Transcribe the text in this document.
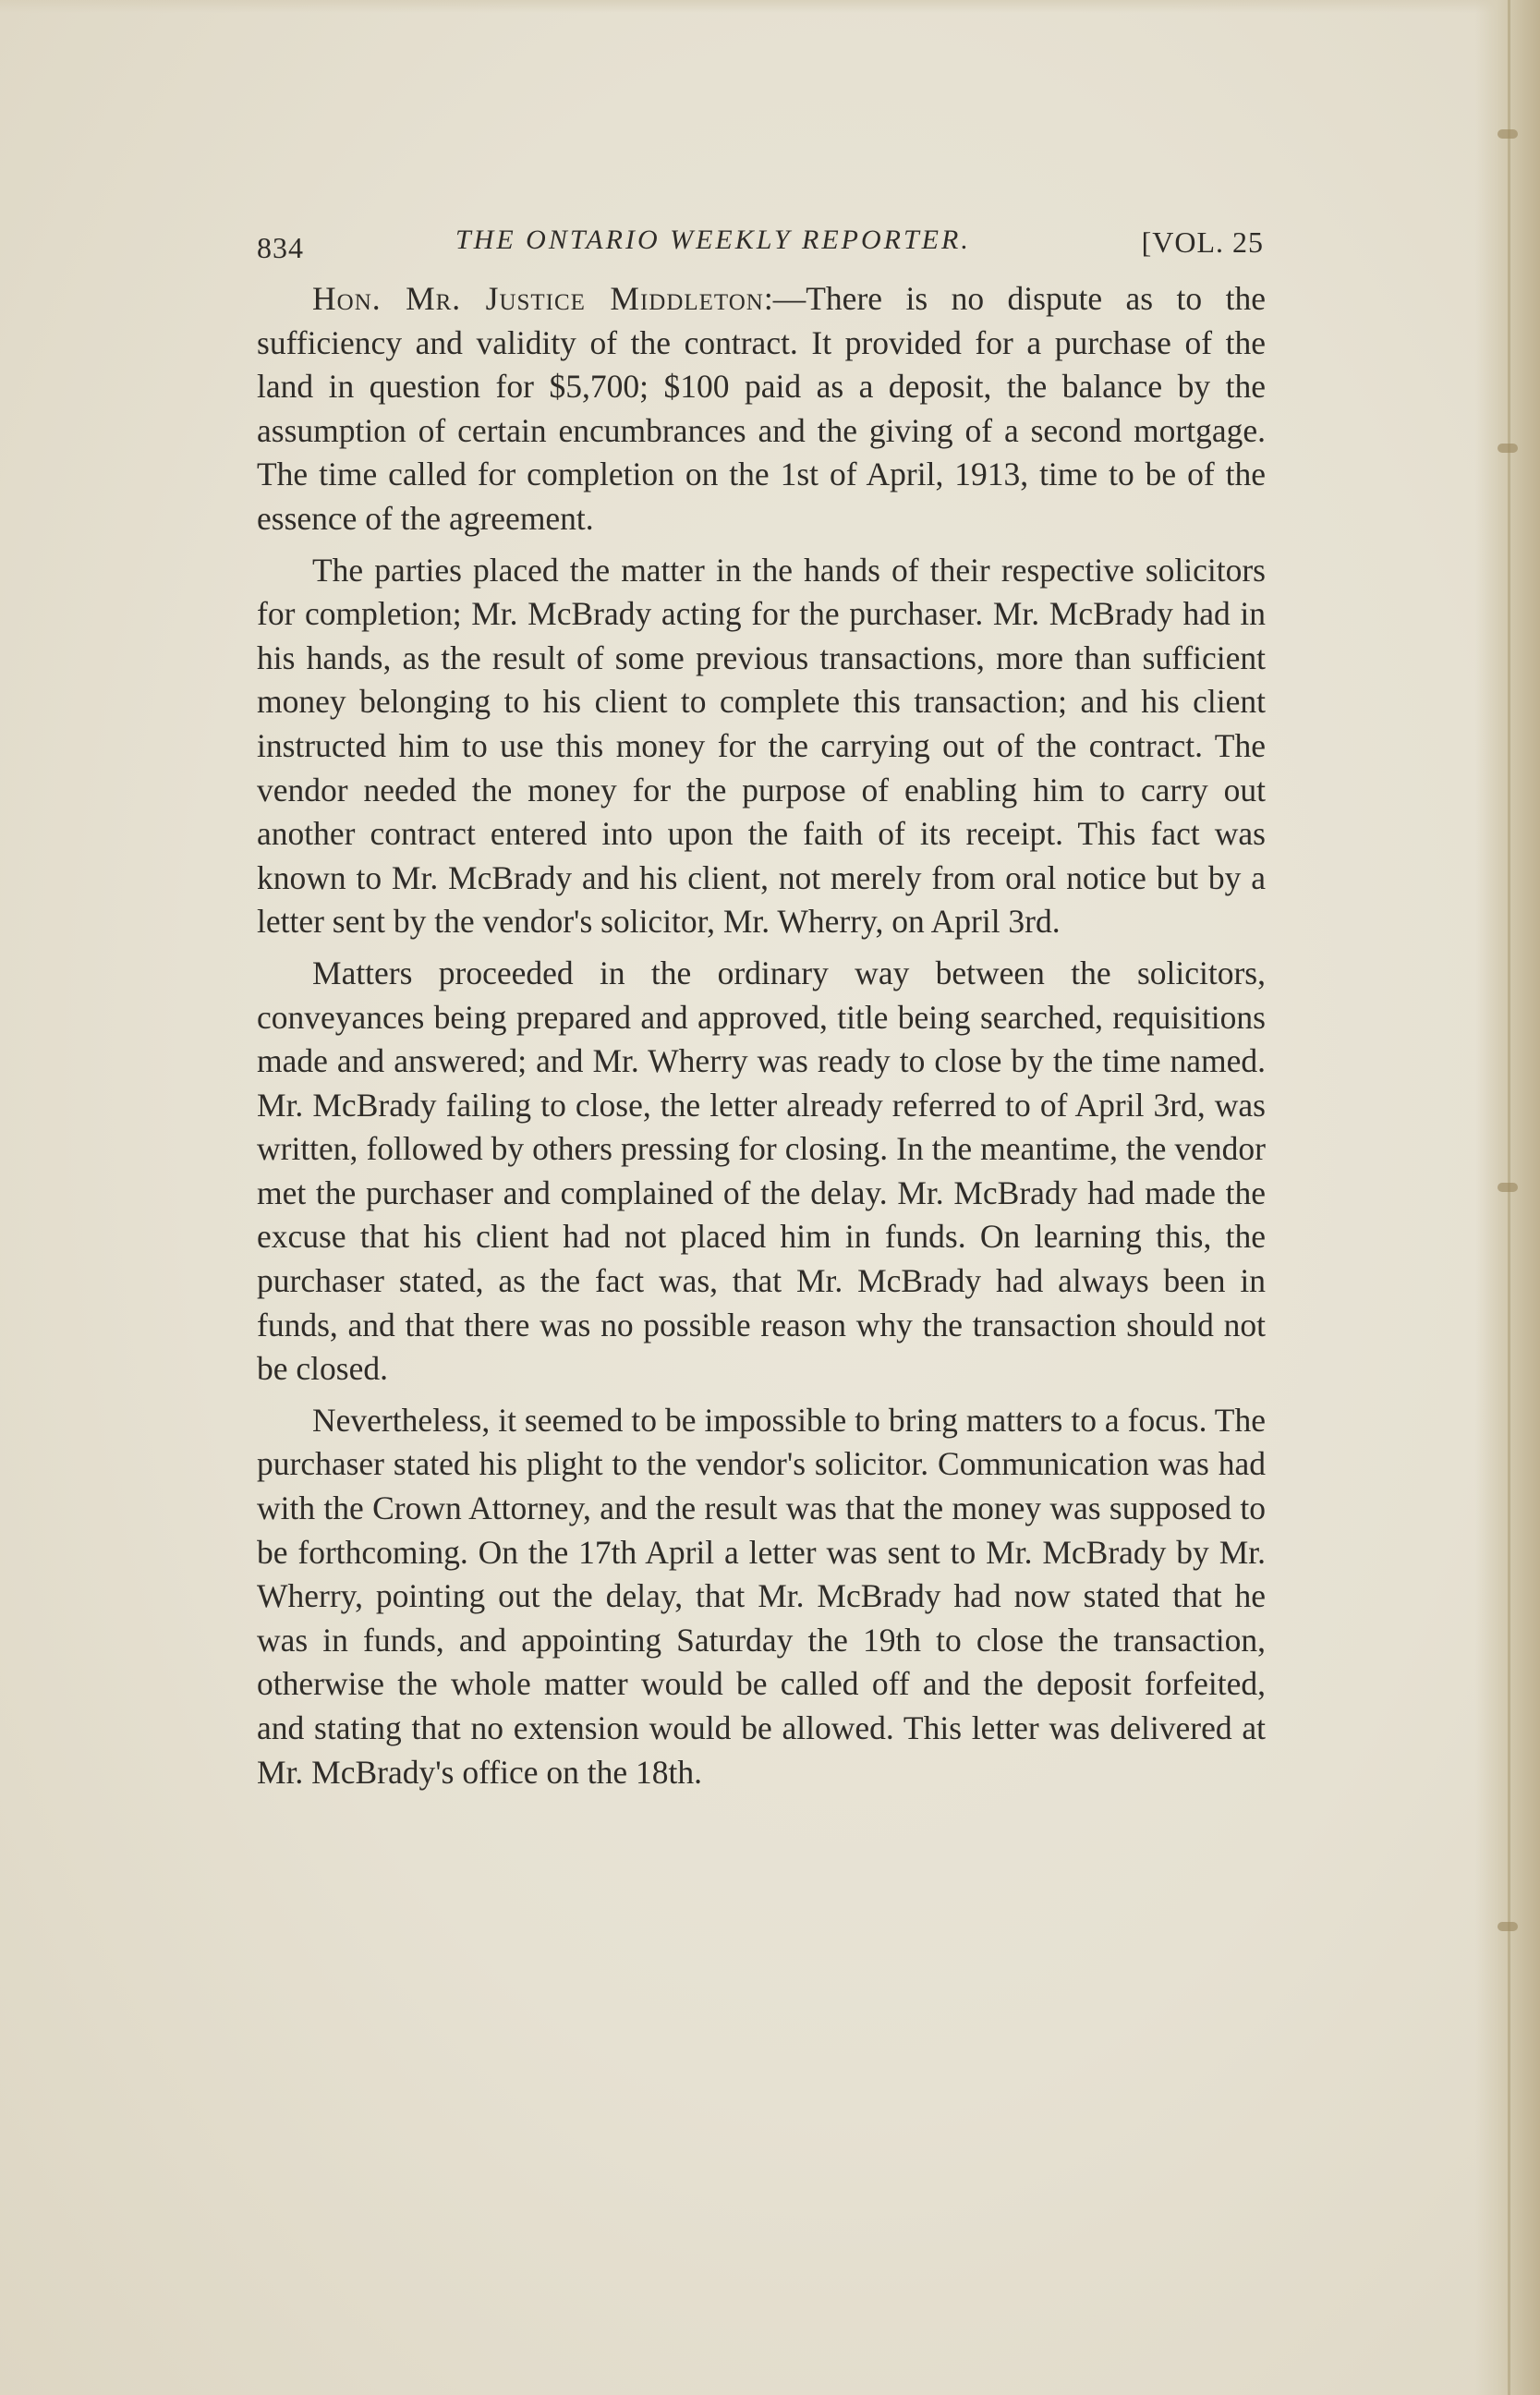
834	THE ONTARIO WEEKLY REPORTER.	[VOL. 25

Hon. Mr. Justice Middleton:—There is no dispute as to the sufficiency and validity of the contract. It provided for a purchase of the land in question for $5,700; $100 paid as a deposit, the balance by the assumption of certain encumbrances and the giving of a second mortgage. The time called for completion on the 1st of April, 1913, time to be of the essence of the agreement.

The parties placed the matter in the hands of their respective solicitors for completion; Mr. McBrady acting for the purchaser. Mr. McBrady had in his hands, as the result of some previous transactions, more than sufficient money belonging to his client to complete this transaction; and his client instructed him to use this money for the carrying out of the contract. The vendor needed the money for the purpose of enabling him to carry out another contract entered into upon the faith of its receipt. This fact was known to Mr. McBrady and his client, not merely from oral notice but by a letter sent by the vendor's solicitor, Mr. Wherry, on April 3rd.

Matters proceeded in the ordinary way between the solicitors, conveyances being prepared and approved, title being searched, requisitions made and answered; and Mr. Wherry was ready to close by the time named. Mr. McBrady failing to close, the letter already referred to of April 3rd, was written, followed by others pressing for closing. In the meantime, the vendor met the purchaser and complained of the delay. Mr. McBrady had made the excuse that his client had not placed him in funds. On learning this, the purchaser stated, as the fact was, that Mr. McBrady had always been in funds, and that there was no possible reason why the transaction should not be closed.

Nevertheless, it seemed to be impossible to bring matters to a focus. The purchaser stated his plight to the vendor's solicitor. Communication was had with the Crown Attorney, and the result was that the money was supposed to be forthcoming. On the 17th April a letter was sent to Mr. McBrady by Mr. Wherry, pointing out the delay, that Mr. McBrady had now stated that he was in funds, and appointing Saturday the 19th to close the transaction, otherwise the whole matter would be called off and the deposit forfeited, and stating that no extension would be allowed. This letter was delivered at Mr. McBrady's office on the 18th.
